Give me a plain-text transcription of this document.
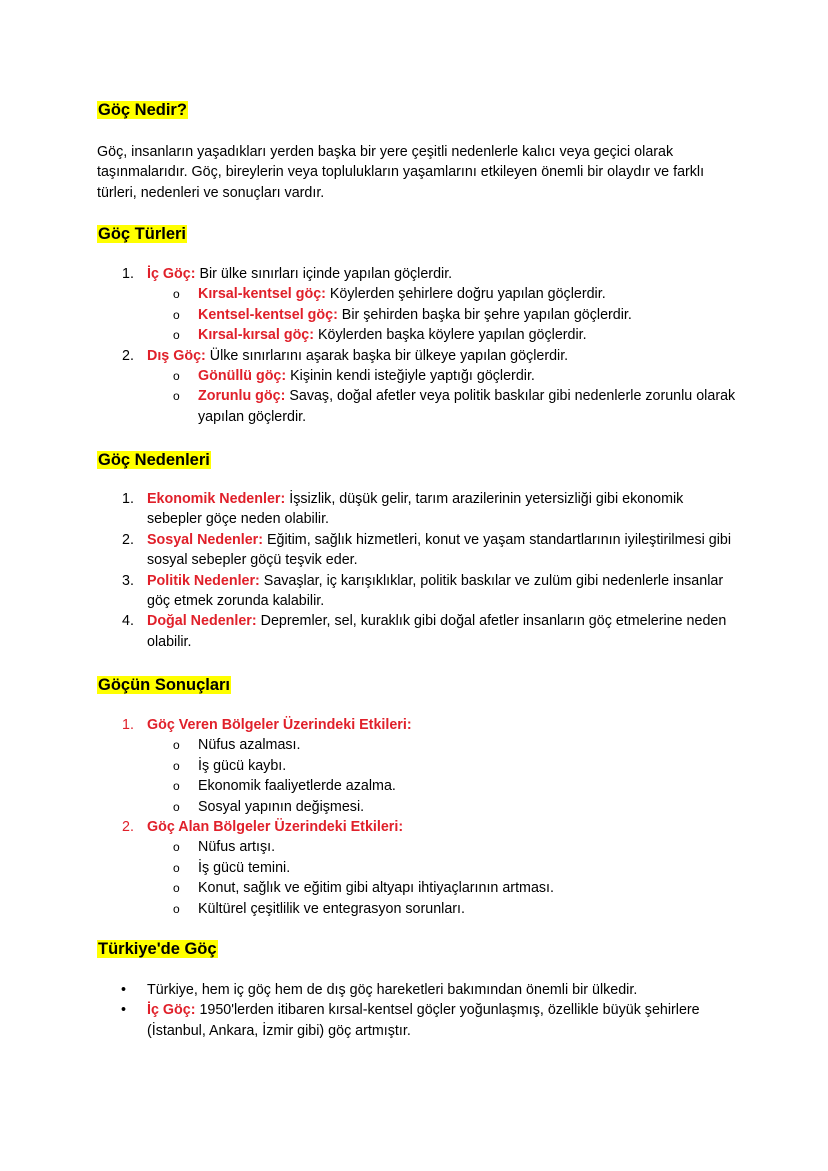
Göç Nedir?
Göç, insanların yaşadıkları yerden başka bir yere çeşitli nedenlerle kalıcı veya geçici olarak taşınmalarıdır. Göç, bireylerin veya toplulukların yaşamlarını etkileyen önemli bir olaydır ve farklı türleri, nedenleri ve sonuçları vardır.
Göç Türleri
1. İç Göç: Bir ülke sınırları içinde yapılan göçlerdir.
o Kırsal-kentsel göç: Köylerden şehirlere doğru yapılan göçlerdir.
o Kentsel-kentsel göç: Bir şehirden başka bir şehre yapılan göçlerdir.
o Kırsal-kırsal göç: Köylerden başka köylere yapılan göçlerdir.
2. Dış Göç: Ülke sınırlarını aşarak başka bir ülkeye yapılan göçlerdir.
o Gönüllü göç: Kişinin kendi isteğiyle yaptığı göçlerdir.
o Zorunlu göç: Savaş, doğal afetler veya politik baskılar gibi nedenlerle zorunlu olarak yapılan göçlerdir.
Göç Nedenleri
1. Ekonomik Nedenler: İşsizlik, düşük gelir, tarım arazilerinin yetersizliği gibi ekonomik sebepler göçe neden olabilir.
2. Sosyal Nedenler: Eğitim, sağlık hizmetleri, konut ve yaşam standartlarının iyileştirilmesi gibi sosyal sebepler göçü teşvik eder.
3. Politik Nedenler: Savaşlar, iç karışıklıklar, politik baskılar ve zulüm gibi nedenlerle insanlar göç etmek zorunda kalabilir.
4. Doğal Nedenler: Depremler, sel, kuraklık gibi doğal afetler insanların göç etmelerine neden olabilir.
Göçün Sonuçları
1. Göç Veren Bölgeler Üzerindeki Etkileri:
o Nüfus azalması.
o İş gücü kaybı.
o Ekonomik faaliyetlerde azalma.
o Sosyal yapının değişmesi.
2. Göç Alan Bölgeler Üzerindeki Etkileri:
o Nüfus artışı.
o İş gücü temini.
o Konut, sağlık ve eğitim gibi altyapı ihtiyaçlarının artması.
o Kültürel çeşitlilik ve entegrasyon sorunları.
Türkiye'de Göç
• Türkiye, hem iç göç hem de dış göç hareketleri bakımından önemli bir ülkedir.
• İç Göç: 1950'lerden itibaren kırsal-kentsel göçler yoğunlaşmış, özellikle büyük şehirlere (İstanbul, Ankara, İzmir gibi) göç artmıştır.
